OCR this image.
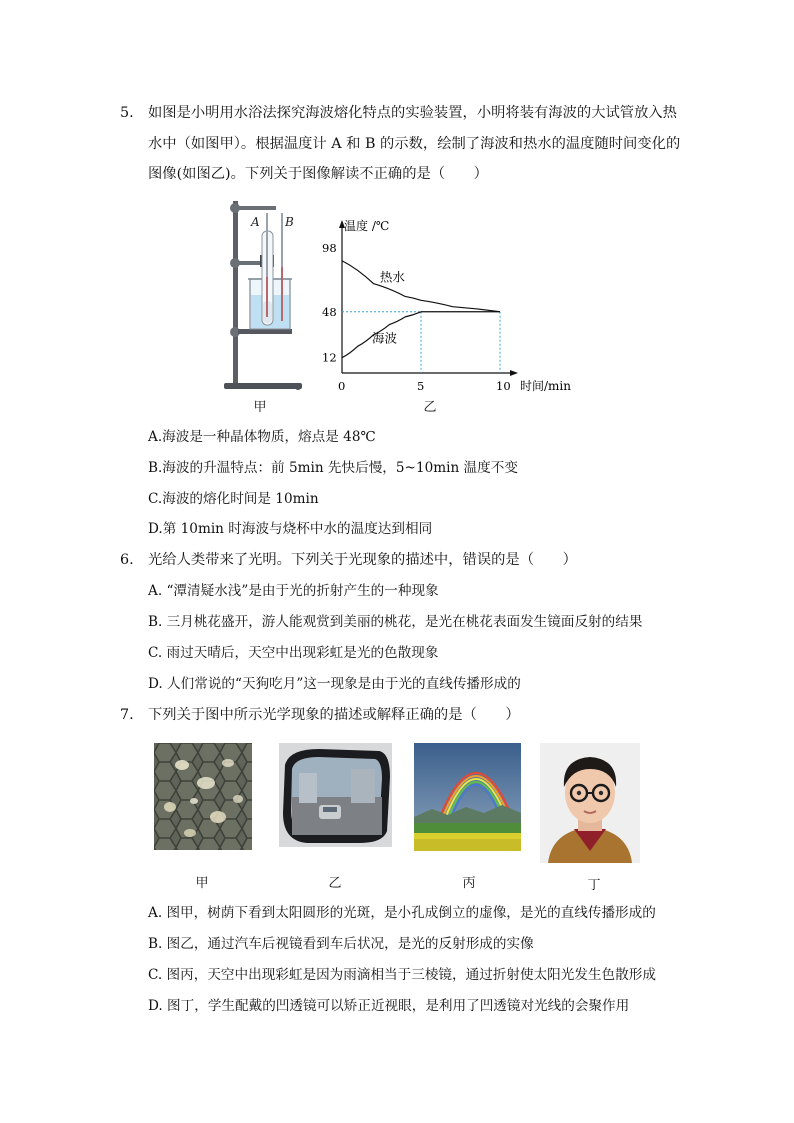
5. 如图是小明用水浴法探究海波熔化特点的实验装置，小明将装有海波的大试管放入热
水中（如图甲）。根据温度计 A 和 B 的示数，绘制了海波和热水的温度随时间变化的
图像(如图乙)。下列关于图像解读不正确的是（　　）
A B
甲
温度 /℃
时间/min
0	5	10
98
48
12
热水
海波
乙
A.海波是一种晶体物质，熔点是 48℃
B.海波的升温特点：前 5min 先快后慢，5~10min 温度不变
C.海波的熔化时间是 10min
D.第 10min 时海波与烧杯中水的温度达到相同
6. 光给人类带来了光明。下列关于光现象的描述中，错误的是（　　）
A. “潭清疑水浅”是由于光的折射产生的一种现象
B. 三月桃花盛开，游人能观赏到美丽的桃花，是光在桃花表面发生镜面反射的结果
C. 雨过天晴后，天空中出现彩虹是光的色散现象
D. 人们常说的“天狗吃月”这一现象是由于光的直线传播形成的
7. 下列关于图中所示光学现象的描述或解释正确的是（　　）
甲	乙	丙	丁
A. 图甲，树荫下看到太阳圆形的光斑，是小孔成倒立的虚像，是光的直线传播形成的
B. 图乙，通过汽车后视镜看到车后状况，是光的反射形成的实像
C. 图丙，天空中出现彩虹是因为雨滴相当于三棱镜，通过折射使太阳光发生色散形成
D. 图丁，学生配戴的凹透镜可以矫正近视眼，是利用了凹透镜对光线的会聚作用
